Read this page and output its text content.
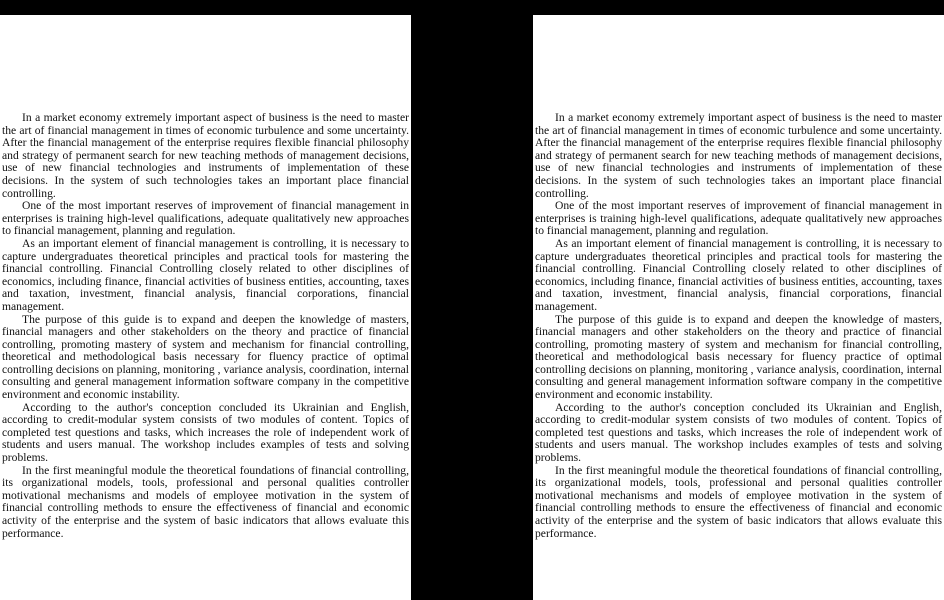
In a market economy extremely important aspect of business is the need to master the art of financial management in times of economic turbulence and some uncertainty. After the financial management of the enterprise requires flexible financial philosophy and strategy of permanent search for new teaching methods of management decisions, use of new financial technologies and instruments of implementation of these decisions. In the system of such technologies takes an important place financial controlling.

One of the most important reserves of improvement of financial management in enterprises is training high-level qualifications, adequate qualitatively new approaches to financial management, planning and regulation.

As an important element of financial management is controlling, it is necessary to capture undergraduates theoretical principles and practical tools for mastering the financial controlling. Financial Controlling closely related to other disciplines of economics, including finance, financial activities of business entities, accounting, taxes and taxation, investment, financial analysis, financial corporations, financial management.

The purpose of this guide is to expand and deepen the knowledge of masters, financial managers and other stakeholders on the theory and practice of financial controlling, promoting mastery of system and mechanism for financial controlling, theoretical and methodological basis necessary for fluency practice of optimal controlling decisions on planning, monitoring , variance analysis, coordination, internal consulting and general management information software company in the competitive environment and economic instability.

According to the author's conception concluded its Ukrainian and English, according to credit-modular system consists of two modules of content. Topics of completed test questions and tasks, which increases the role of independent work of students and users manual. The workshop includes examples of tests and solving problems.

In the first meaningful module the theoretical foundations of financial controlling, its organizational models, tools, professional and personal qualities controller motivational mechanisms and models of employee motivation in the system of financial controlling methods to ensure the effectiveness of financial and economic activity of the enterprise and the system of basic indicators that allows evaluate this performance.

In a market economy extremely important aspect of business is the need to master the art of financial management in times of economic turbulence and some uncertainty. After the financial management of the enterprise requires flexible financial philosophy and strategy of permanent search for new teaching methods of management decisions, use of new financial technologies and instruments of implementation of these decisions. In the system of such technologies takes an important place financial controlling.

One of the most important reserves of improvement of financial management in enterprises is training high-level qualifications, adequate qualitatively new approaches to financial management, planning and regulation.

As an important element of financial management is controlling, it is necessary to capture undergraduates theoretical principles and practical tools for mastering the financial controlling. Financial Controlling closely related to other disciplines of economics, including finance, financial activities of business entities, accounting, taxes and taxation, investment, financial analysis, financial corporations, financial management.

The purpose of this guide is to expand and deepen the knowledge of masters, financial managers and other stakeholders on the theory and practice of financial controlling, promoting mastery of system and mechanism for financial controlling, theoretical and methodological basis necessary for fluency practice of optimal controlling decisions on planning, monitoring , variance analysis, coordination, internal consulting and general management information software company in the competitive environment and economic instability.

According to the author's conception concluded its Ukrainian and English, according to credit-modular system consists of two modules of content. Topics of completed test questions and tasks, which increases the role of independent work of students and users manual. The workshop includes examples of tests and solving problems.

In the first meaningful module the theoretical foundations of financial controlling, its organizational models, tools, professional and personal qualities controller motivational mechanisms and models of employee motivation in the system of financial controlling methods to ensure the effectiveness of financial and economic activity of the enterprise and the system of basic indicators that allows evaluate this performance.
